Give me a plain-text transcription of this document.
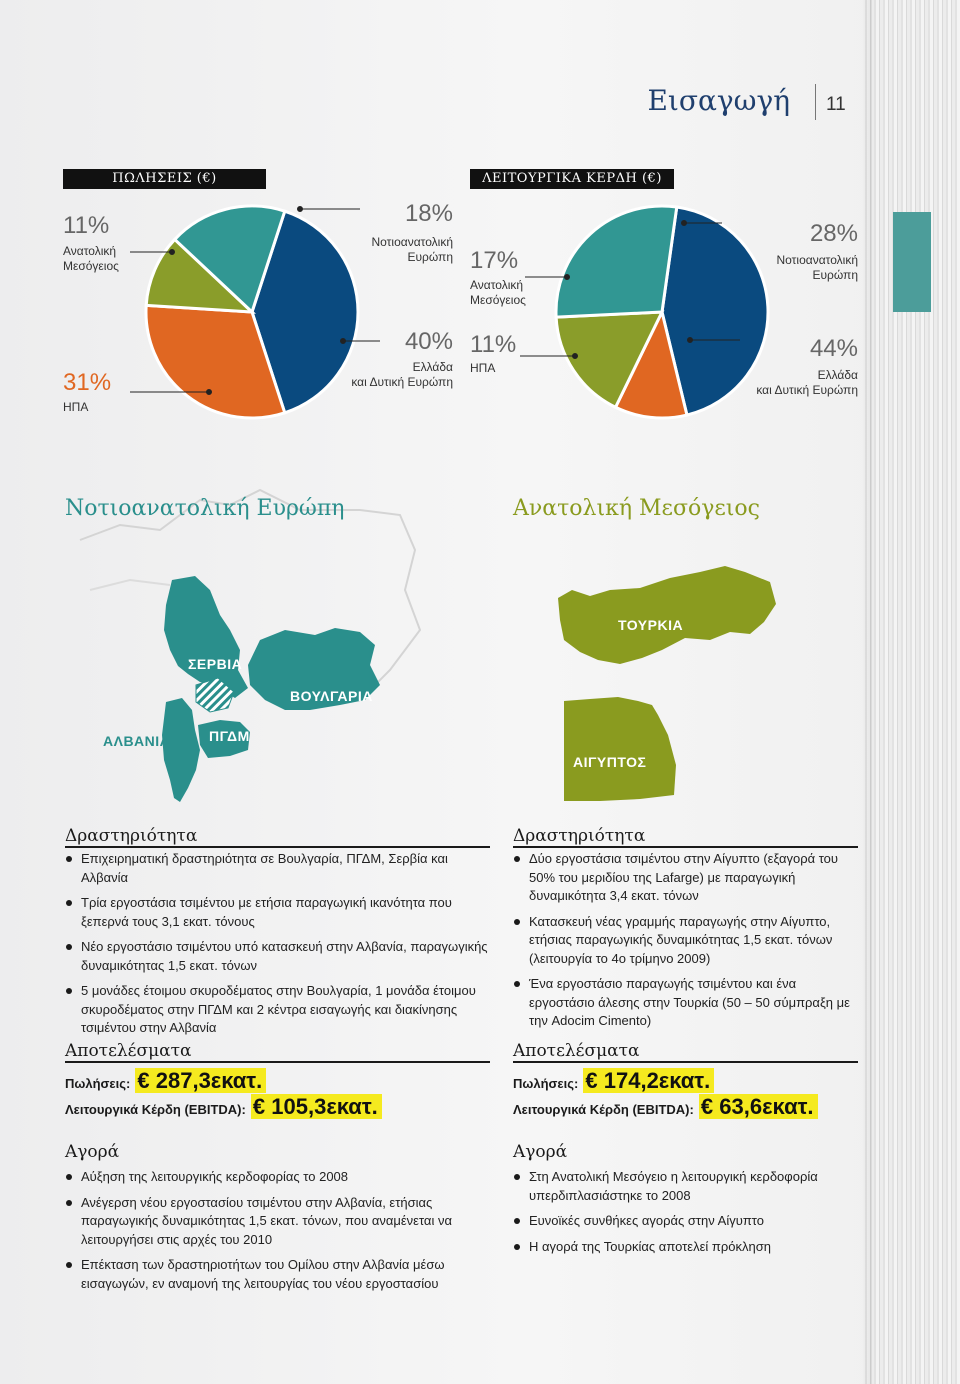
Εισαγωγή 11
ΠΩΛΗΣΕΙΣ (€)	ΛΕΙΤΟΥΡΓΙΚΑ ΚΕΡΔΗ (€)
11%
Ανατολική
Μεσόγειος
18%
Νοτιοανατολική
Ευρώπη
40%
Ελλάδα
και Δυτική Ευρώπη
31%
ΗΠΑ
17%
Ανατολική
Μεσόγειος
28%
Νοτιοανατολική
Ευρώπη
11%
ΗΠΑ
44%
Ελλάδα
και Δυτική Ευρώπη
Νοτιοανατολική Ευρώπη	Ανατολική Μεσόγειος
ΣΕΡΒΙΑ
ΒΟΥΛΓΑΡΙΑ
ΑΛΒΑΝΙΑ	ΠΓΔΜ
ΤΟΥΡΚΙΑ
ΑΙΓΥΠΤΟΣ
Δραστηριότητα
Επιχειρηματική δραστηριότητα σε Βουλγαρία, ΠΓΔΜ, Σερβία και Αλβανία
Τρία εργοστάσια τσιμέντου με ετήσια παραγωγική ικανότητα που ξεπερνά τους 3,1 εκατ. τόνους
Νέο εργοστάσιο τσιμέντου υπό κατασκευή στην Αλβανία, παραγωγικής δυναμικότητας 1,5 εκατ. τόνων
5 μονάδες έτοιμου σκυροδέματος στην Βουλγαρία, 1 μονάδα έτοιμου σκυροδέματος στην ΠΓΔΜ και 2 κέντρα εισαγωγής και διακίνησης τσιμέντου στην Αλβανία
Αποτελέσματα
Πωλήσεις: € 287,3εκατ.
Λειτουργικά Κέρδη (EBITDA): € 105,3εκατ.
Αγορά
Αύξηση της λειτουργικής κερδοφορίας το 2008
Ανέγερση νέου εργοστασίου τσιμέντου στην Αλβανία, ετήσιας παραγωγικής δυναμικότητας 1,5 εκατ. τόνων, που αναμένεται να λειτουργήσει στις αρχές του 2010
Επέκταση των δραστηριοτήτων του Ομίλου στην Αλβανία μέσω εισαγωγών, εν αναμονή της λειτουργίας του νέου εργοστασίου
Δραστηριότητα
Δύο εργοστάσια τσιμέντου στην Αίγυπτο (εξαγορά του 50% του μεριδίου της Lafarge) με παραγωγική δυναμικότητα 3,4 εκατ. τόνων
Κατασκευή νέας γραμμής παραγωγής στην Αίγυπτο, ετήσιας παραγωγικής δυναμικότητας 1,5 εκατ. τόνων (λειτουργία το 4ο τρίμηνο 2009)
Ένα εργοστάσιο παραγωγής τσιμέντου και ένα εργοστάσιο άλεσης στην Τουρκία (50 – 50 σύμπραξη με την Adocim Cimento)
Αποτελέσματα
Πωλήσεις: € 174,2εκατ.
Λειτουργικά Κέρδη (EBITDA): € 63,6εκατ.
Αγορά
Στη Ανατολική Μεσόγειο η λειτουργική κερδοφορία υπερδιπλασιάστηκε το 2008
Ευνοϊκές συνθήκες αγοράς στην Αίγυπτο
Η αγορά της Τουρκίας αποτελεί πρόκληση
